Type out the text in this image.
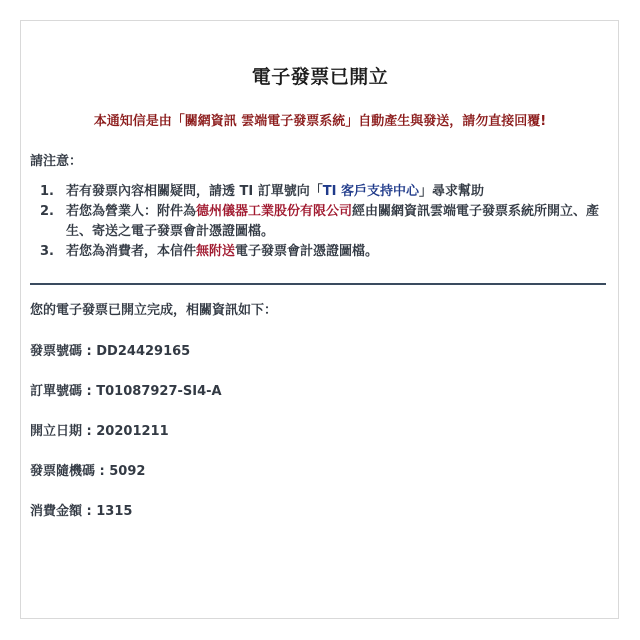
電子發票已開立
本通知信是由「關網資訊 雲端電子發票系統」自動產生與發送，請勿直接回覆!
請注意：
1. 若有發票內容相關疑問，請透 TI 訂單號向「TI 客戶支持中心」尋求幫助
2. 若您為營業人：附件為德州儀器工業股份有限公司經由關網資訊雲端電子發票系統所開立、產生、寄送之電子發票會計憑證圖檔。
3. 若您為消費者，本信件無附送電子發票會計憑證圖檔。
您的電子發票已開立完成，相關資訊如下：
發票號碼 : DD24429165
訂單號碼 : T01087927-SI4-A
開立日期 : 20201211
發票隨機碼 : 5092
消費金額 : 1315
